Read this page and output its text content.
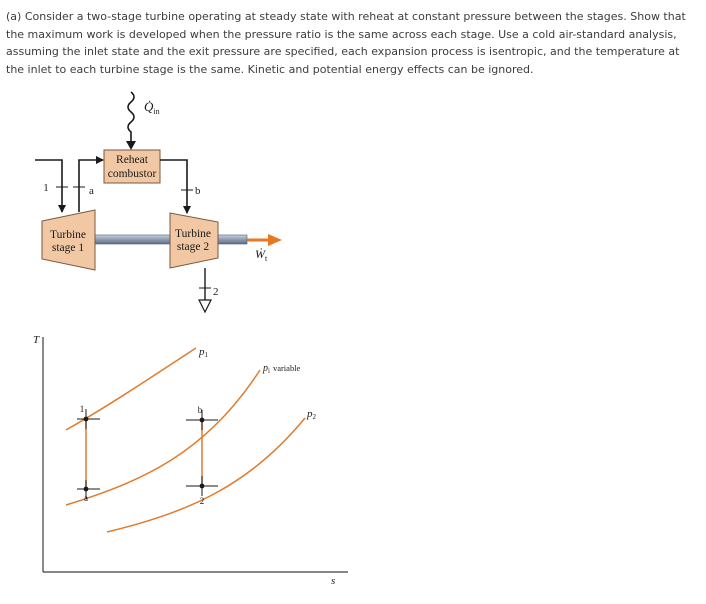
(a) Consider a two-stage turbine operating at steady state with reheat at constant pressure between the stages. Show that the maximum work is developed when the pressure ratio is the same across each stage. Use a cold air-standard analysis, assuming the inlet state and the exit pressure are specified, each expansion process is isentropic, and the temperature at the inlet to each turbine stage is the same. Kinetic and potential energy effects can be ignored.

$Q̇_{in}$
Reheat
combustor
1	a	b
Turbine
stage 1
Turbine
stage 2	Ẇ$_t$
2
T
s
p1
$p_i$ $^{variable}$
p2
1
a
b
2
